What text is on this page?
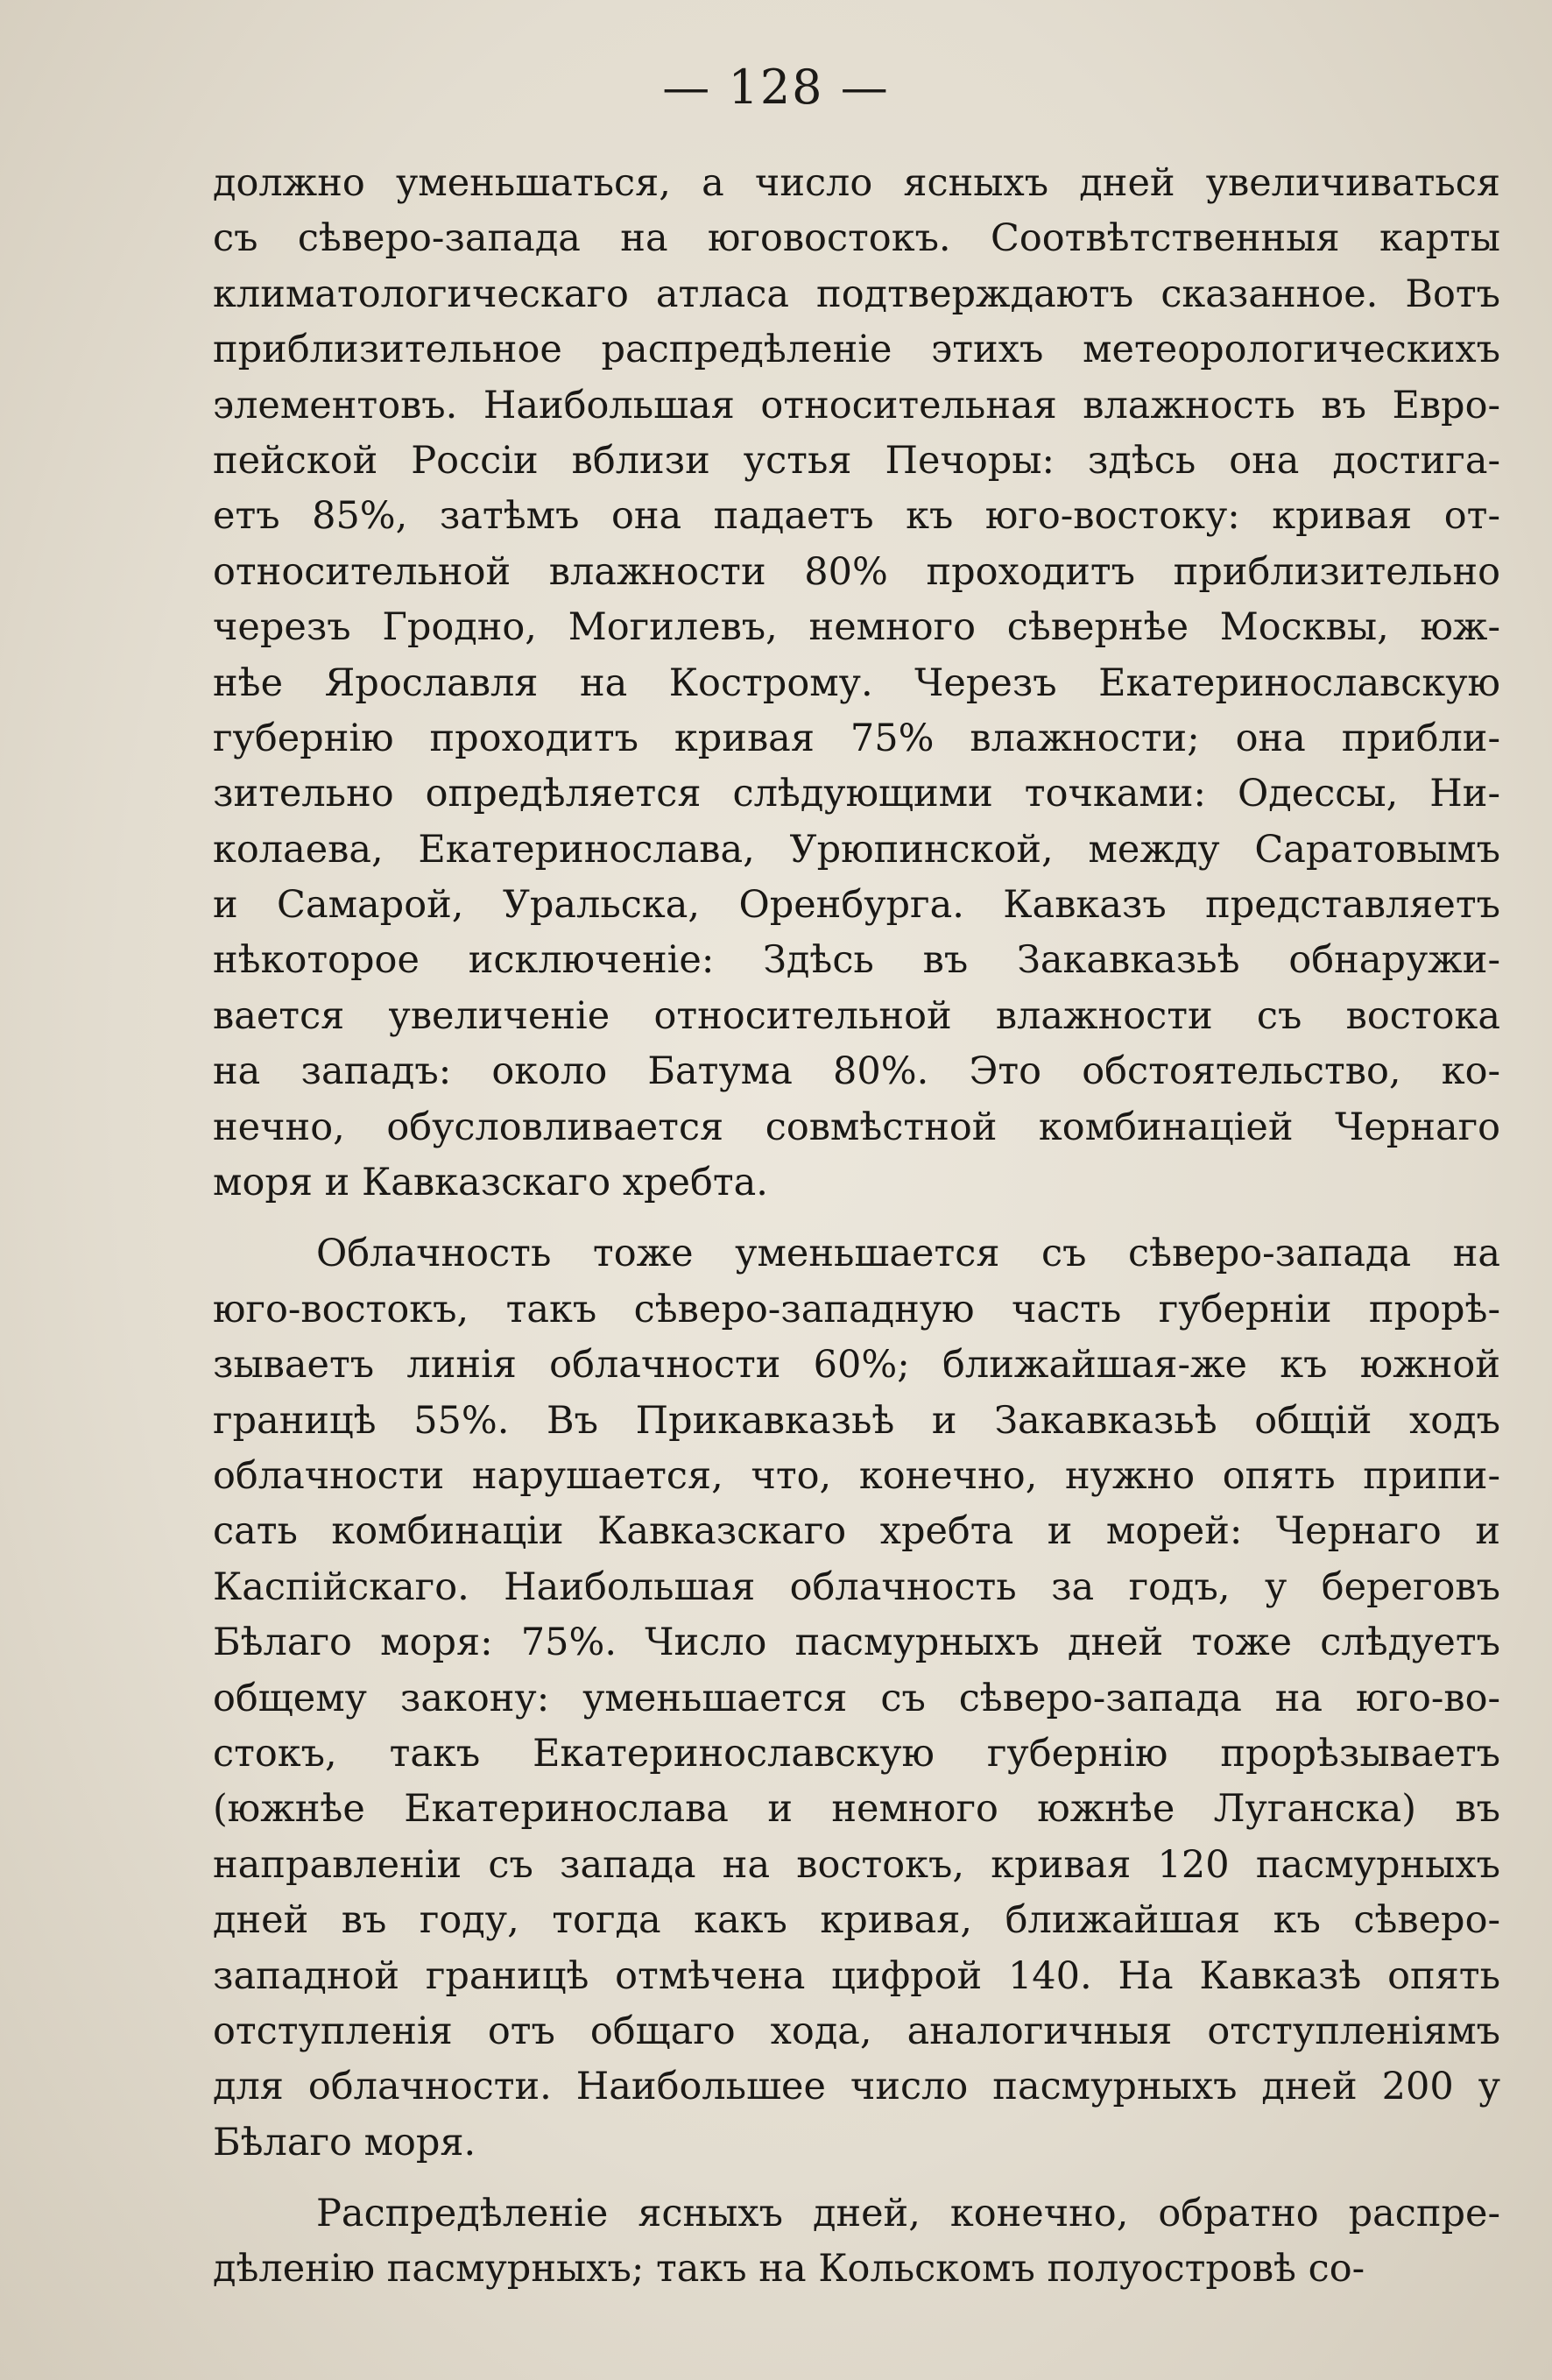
— 128 —
должно уменьшаться, а число ясныхъ дней увеличиваться
съ сѣверо-запада на юговостокъ. Соотвѣтственныя карты
климатологическаго атласа подтверждаютъ сказанное. Вотъ
приблизительное распредѣленіе этихъ метеорологическихъ
элементовъ. Наибольшая относительная влажность въ Евро-
пейской Россіи вблизи устья Печоры: здѣсь она достига-
етъ 85%, затѣмъ она падаетъ къ юго-востоку: кривая от-
относительной влажности 80% проходитъ приблизительно
черезъ Гродно, Могилевъ, немного сѣвернѣе Москвы, юж-
нѣе Ярославля на Кострому. Черезъ Екатеринославскую
губернію проходитъ кривая 75% влажности; она прибли-
зительно опредѣляется слѣдующими точками: Одессы, Ни-
колаева, Екатеринослава, Урюпинской, между Саратовымъ
и Самарой, Уральска, Оренбурга. Кавказъ представляетъ
нѣкоторое исключеніе: Здѣсь въ Закавказьѣ обнаружи-
вается увеличеніе относительной влажности съ востока
на западъ: около Батума 80%. Это обстоятельство, ко-
нечно, обусловливается совмѣстной комбинаціей Чернаго
моря и Кавказскаго хребта.
Облачность тоже уменьшается съ сѣверо-запада на
юго-востокъ, такъ сѣверо-западную часть губерніи прорѣ-
зываетъ линія облачности 60%; ближайшая-же къ южной
границѣ 55%. Въ Прикавказьѣ и Закавказьѣ общій ходъ
облачности нарушается, что, конечно, нужно опять припи-
сать комбинаціи Кавказскаго хребта и морей: Чернаго и
Каспійскаго. Наибольшая облачность за годъ, у береговъ
Бѣлаго моря: 75%. Число пасмурныхъ дней тоже слѣдуетъ
общему закону: уменьшается съ сѣверо-запада на юго-во-
стокъ, такъ Екатеринославскую губернію прорѣзываетъ
(южнѣе Екатеринослава и немного южнѣе Луганска) въ
направленіи съ запада на востокъ, кривая 120 пасмурныхъ
дней въ году, тогда какъ кривая, ближайшая къ сѣверо-
западной границѣ отмѣчена цифрой 140. На Кавказѣ опять
отступленія отъ общаго хода, аналогичныя отступленіямъ
для облачности. Наибольшее число пасмурныхъ дней 200 у
Бѣлаго моря.
Распредѣленіе ясныхъ дней, конечно, обратно распре-
дѣленію пасмурныхъ; такъ на Кольскомъ полуостровѣ со-
